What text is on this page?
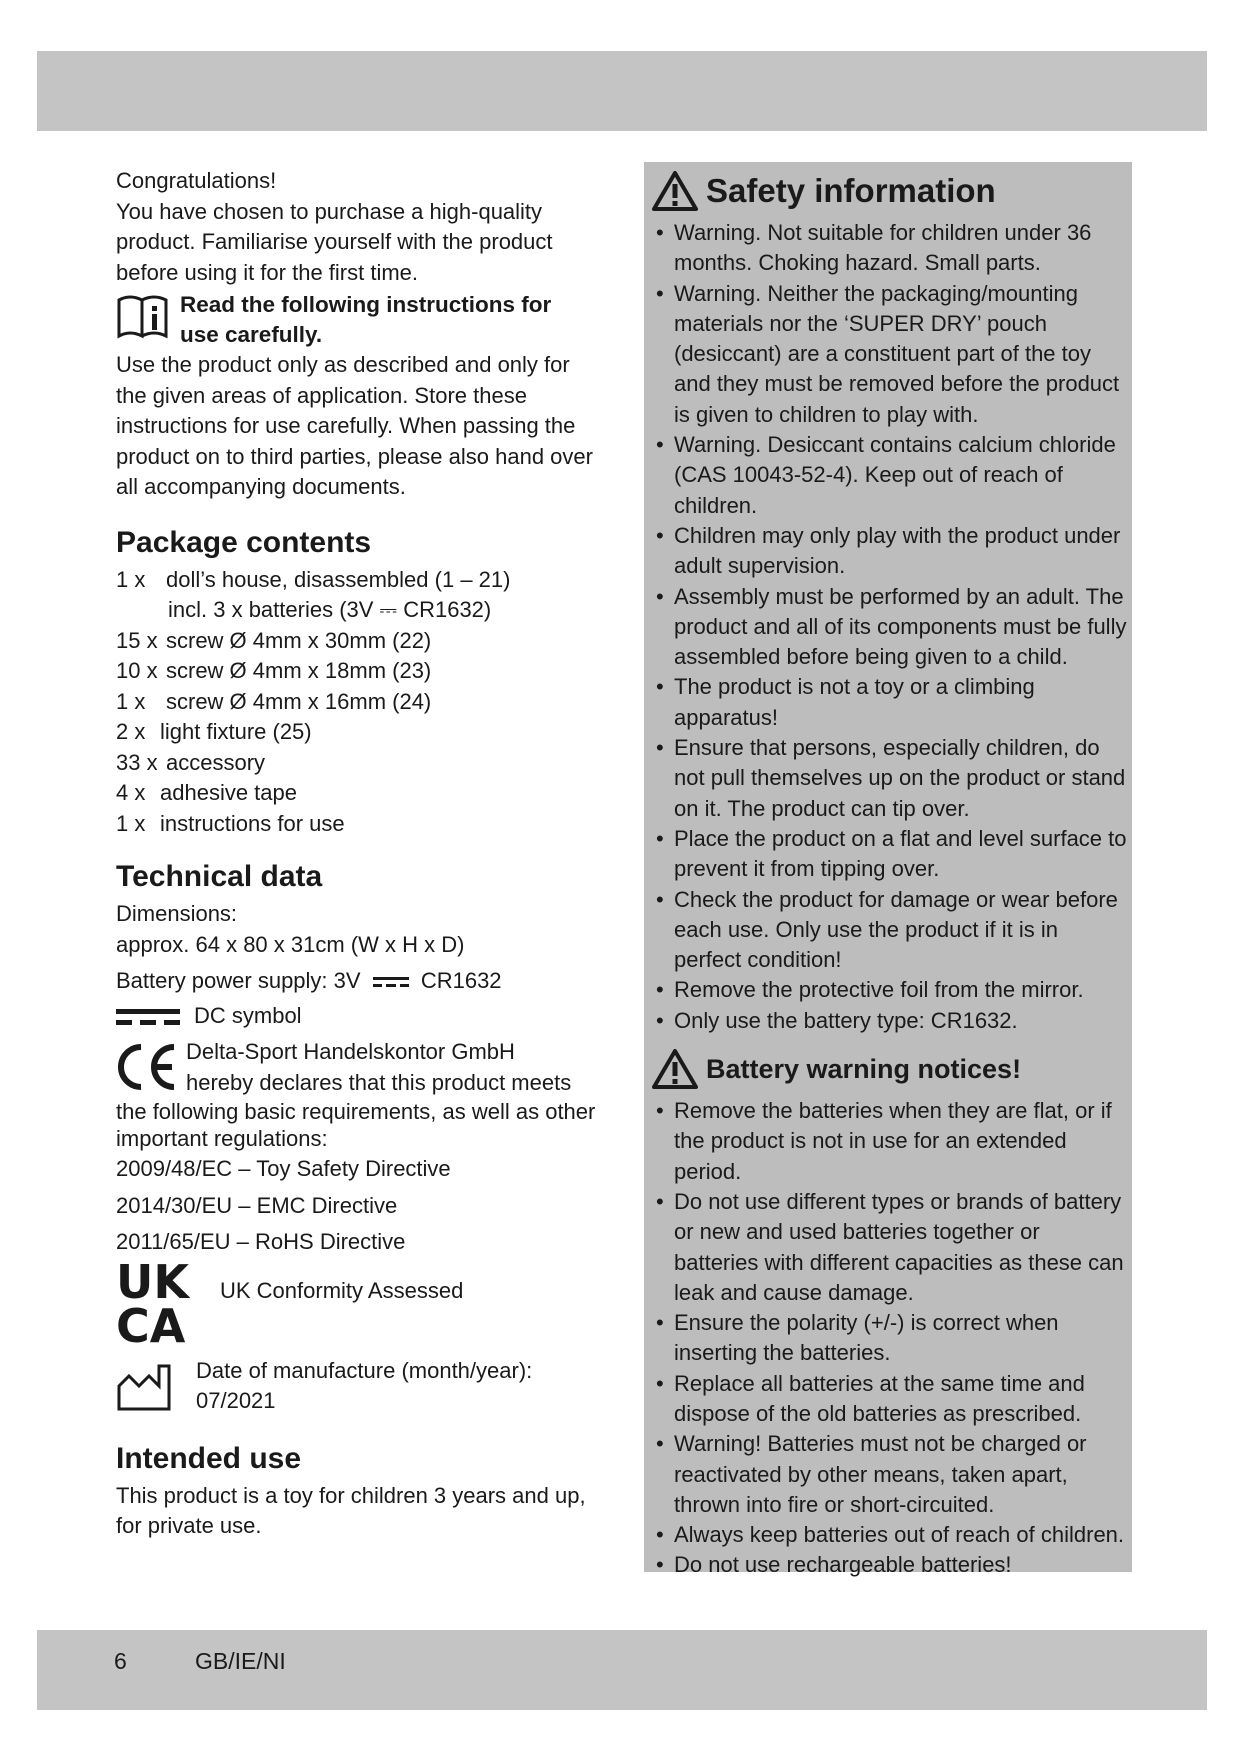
Congratulations!

You have chosen to purchase a high-quality product. Familiarise yourself with the product before using it for the first time.

Read the following instructions for use carefully.

Use the product only as described and only for the given areas of application. Store these instructions for use carefully. When passing the product on to third parties, please also hand over all accompanying documents.

Package contents
1 x doll’s house, disassembled (1 – 21)
incl. 3 x batteries (3V ⎓ CR1632)
15 x screw Ø 4mm x 30mm (22)
10 x screw Ø 4mm x 18mm (23)
1 x screw Ø 4mm x 16mm (24)
2 x light fixture (25)
33 x accessory
4 x adhesive tape
1 x instructions for use
Technical data

Dimensions:

approx. 64 x 80 x 31cm (W x H x D)

Battery power supply: 3V	CR1632

DC symbol
Delta-Sport Handelskontor GmbH
hereby declares that this product meets

the following basic requirements, as well as other important regulations:

2009/48/EC – Toy Safety Directive

2014/30/EU – EMC Directive

2011/65/EU – RoHS Directive

UK
CA
UK Conformity Assessed
Date of manufacture (month/year):
07/2021
Intended use

This product is a toy for children 3 years and up, for private use.

Safety information
• Warning. Not suitable for children under 36 months. Choking hazard. Small parts.
• Warning. Neither the packaging/mounting materials nor the ‘SUPER DRY’ pouch (desiccant) are a constituent part of the toy and they must be removed before the product is given to children to play with.
• Warning. Desiccant contains calcium chloride (CAS 10043-52-4). Keep out of reach of children.
• Children may only play with the product under adult supervision.
• Assembly must be performed by an adult. The product and all of its components must be fully assembled before being given to a child.
• The product is not a toy or a climbing apparatus!
• Ensure that persons, especially children, do not pull themselves up on the product or stand on it. The product can tip over.
• Place the product on a flat and level surface to prevent it from tipping over.
• Check the product for damage or wear before each use. Only use the product if it is in perfect condition!
• Remove the protective foil from the mirror.
• Only use the battery type: CR1632.
Battery warning notices!
• Remove the batteries when they are flat, or if the product is not in use for an extended period.
• Do not use different types or brands of battery or new and used batteries together or batteries with different capacities as these can leak and cause damage.
• Ensure the polarity (+/-) is correct when inserting the batteries.
• Replace all batteries at the same time and dispose of the old batteries as prescribed.
• Warning! Batteries must not be charged or reactivated by other means, taken apart, thrown into fire or short-circuited.
• Always keep batteries out of reach of children.
• Do not use rechargeable batteries!
6	GB/IE/NI
